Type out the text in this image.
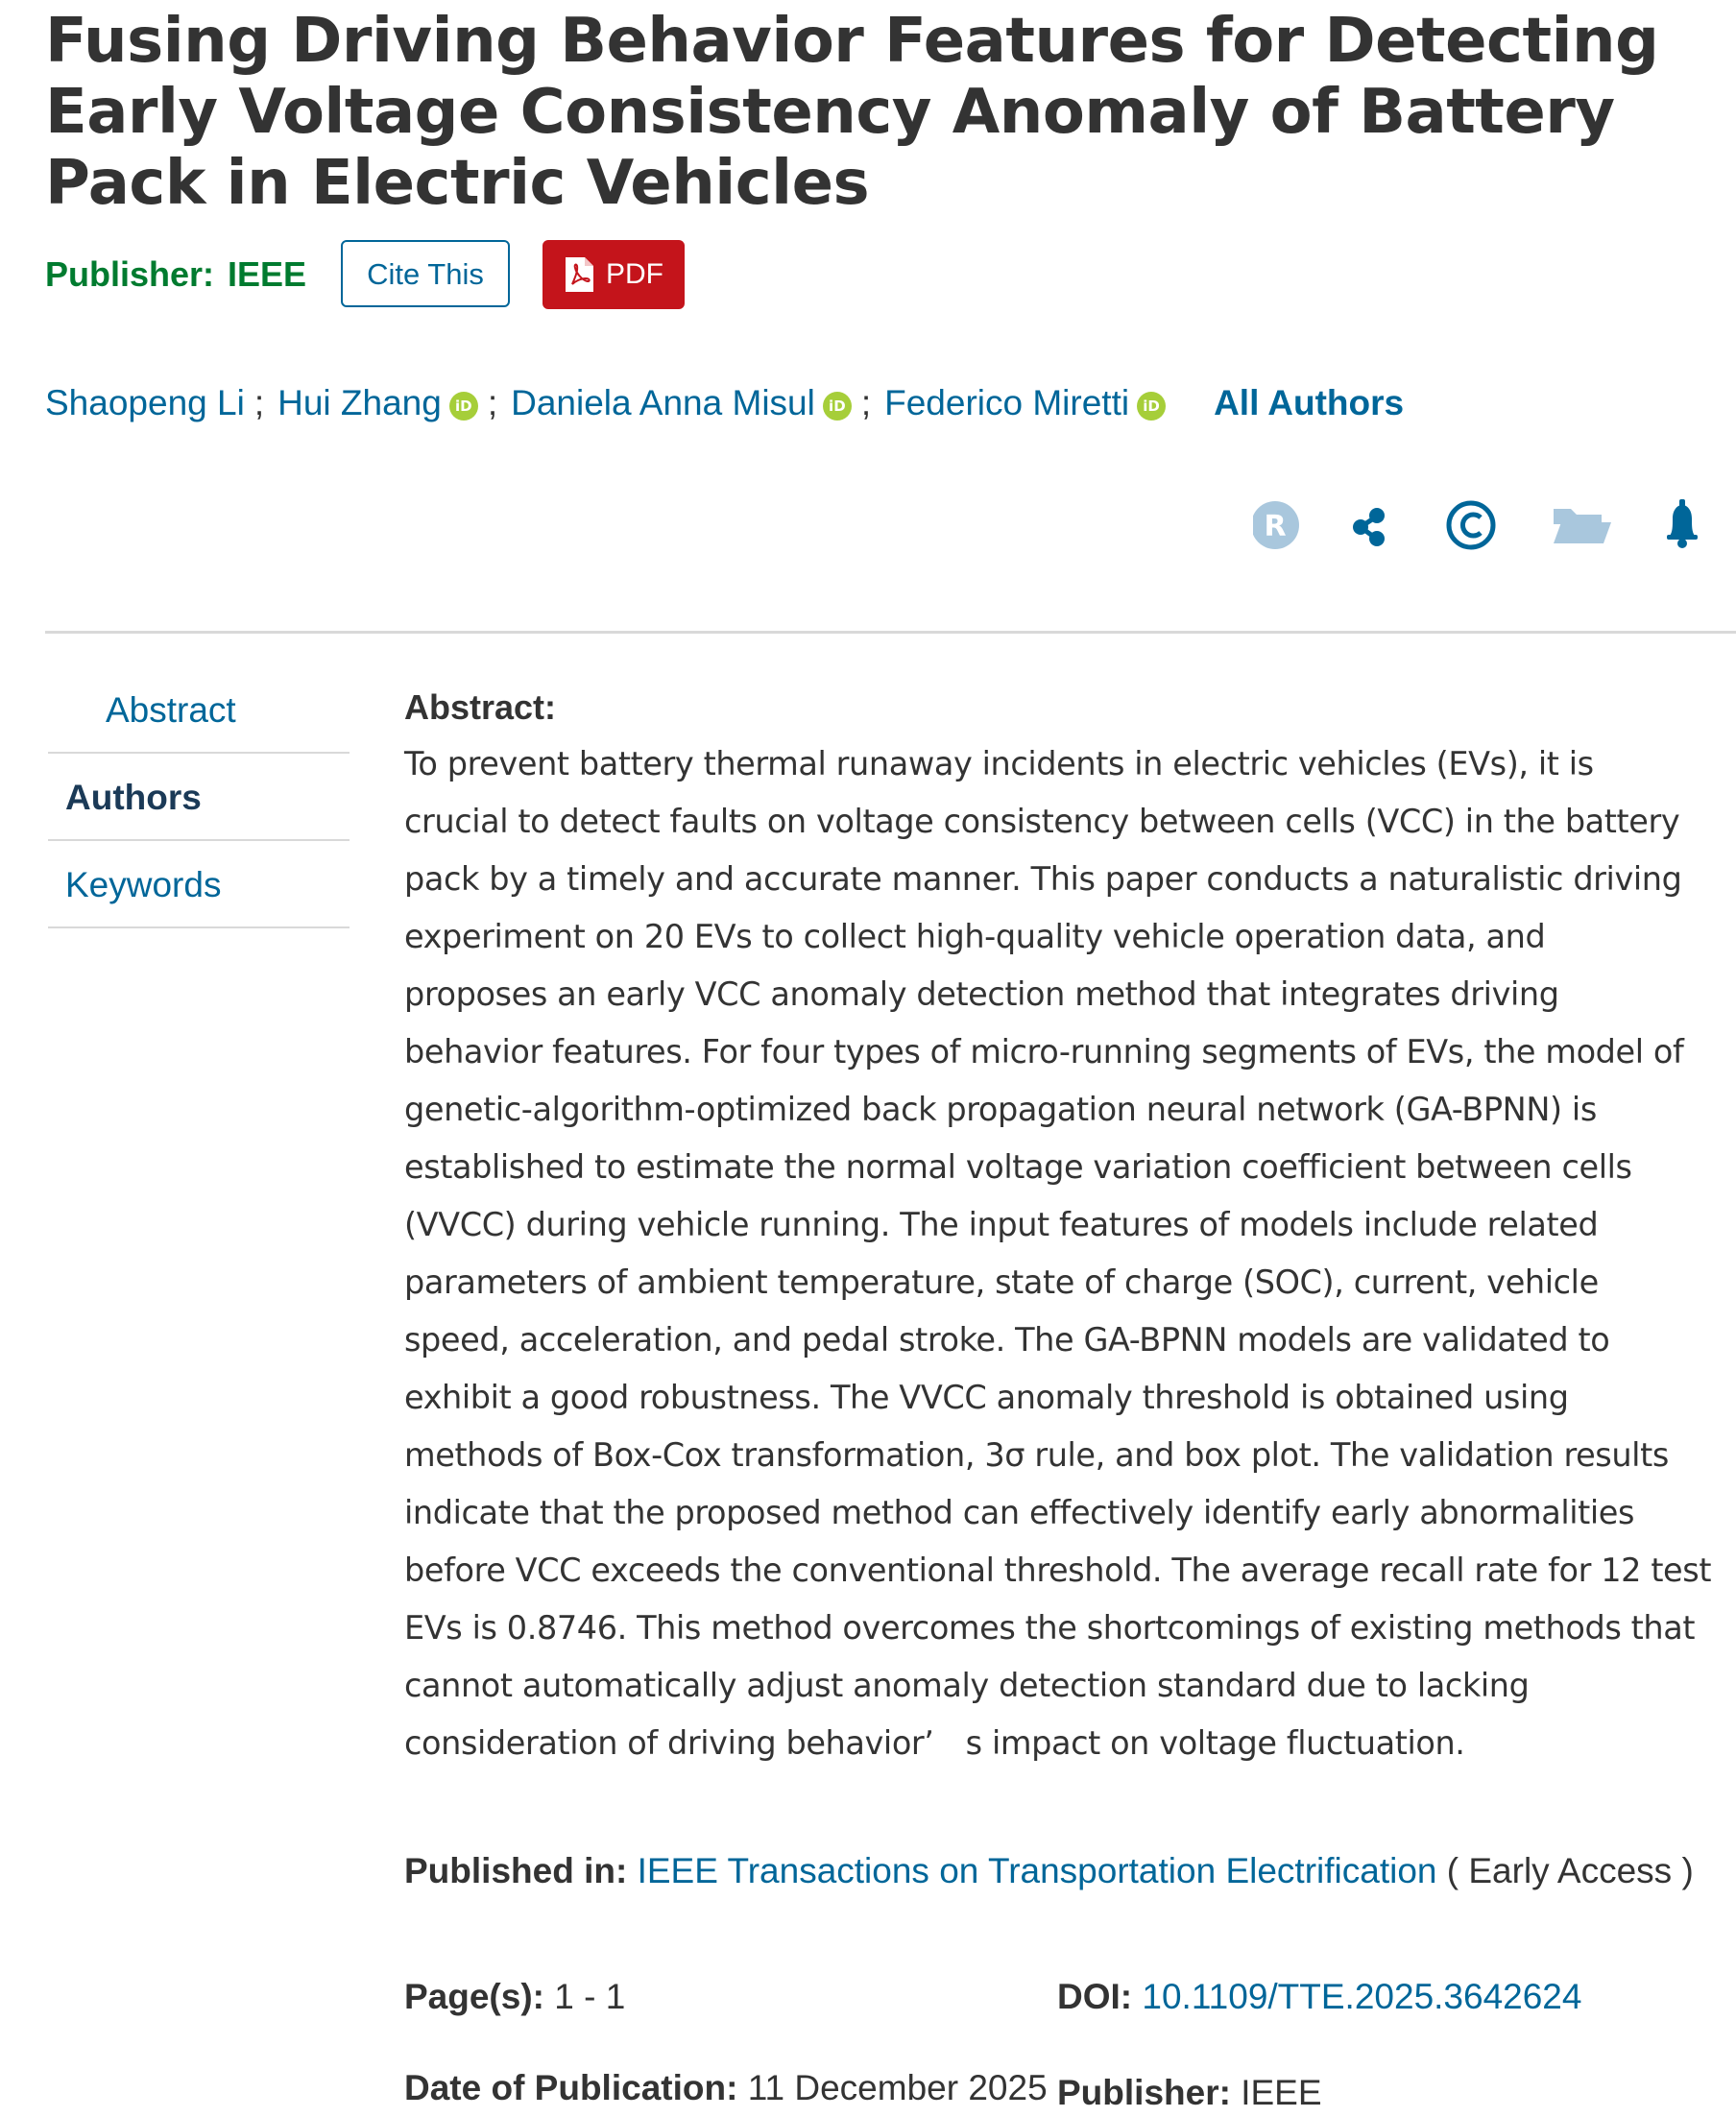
Fusing Driving Behavior Features for Detecting Early Voltage Consistency Anomaly of Battery Pack in Electric Vehicles
Publisher: IEEE	Cite This	PDF
Shaopeng Li ; Hui Zhang iD ; Daniela Anna Misul iD ; Federico Miretti iD All Authors
R
Abstract
Authors
Keywords
Abstract:
To prevent battery thermal runaway incidents in electric vehicles (EVs), it is
crucial to detect faults on voltage consistency between cells (VCC) in the battery
pack by a timely and accurate manner. This paper conducts a naturalistic driving
experiment on 20 EVs to collect high-quality vehicle operation data, and
proposes an early VCC anomaly detection method that integrates driving
behavior features. For four types of micro-running segments of EVs, the model of
genetic-algorithm-optimized back propagation neural network (GA-BPNN) is
established to estimate the normal voltage variation coefficient between cells
(VVCC) during vehicle running. The input features of models include related
parameters of ambient temperature, state of charge (SOC), current, vehicle
speed, acceleration, and pedal stroke. The GA-BPNN models are validated to
exhibit a good robustness. The VVCC anomaly threshold is obtained using
methods of Box-Cox transformation, 3σ rule, and box plot. The validation results
indicate that the proposed method can effectively identify early abnormalities
before VCC exceeds the conventional threshold. The average recall rate for 12 test
EVs is 0.8746. This method overcomes the shortcomings of existing methods that
cannot automatically adjust anomaly detection standard due to lacking
consideration of driving behavior’　s impact on voltage fluctuation.
Published in: IEEE Transactions on Transportation Electrification ( Early Access )
Page(s): 1 - 1	DOI: 10.1109/TTE.2025.3642624
Date of Publication: 11 December 2025 Publisher: IEEE
